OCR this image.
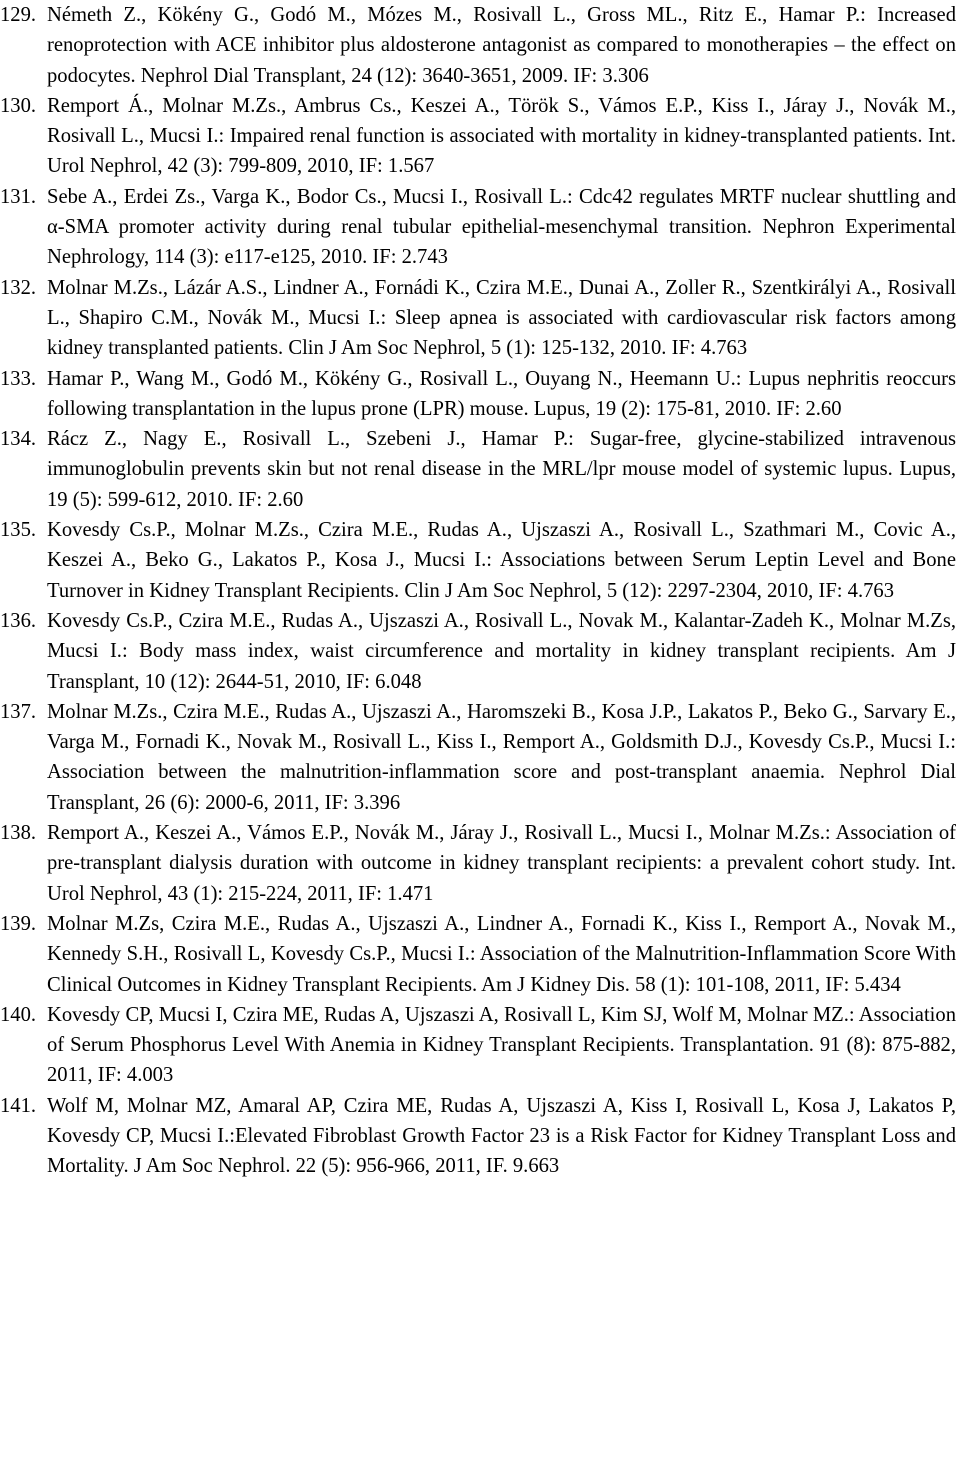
129. Németh Z., Kökény G., Godó M., Mózes M., Rosivall L., Gross ML., Ritz E., Hamar P.: Increased renoprotection with ACE inhibitor plus aldosterone antagonist as compared to monotherapies – the effect on podocytes. Nephrol Dial Transplant, 24 (12): 3640-3651, 2009. IF: 3.306
130. Remport Á., Molnar M.Zs., Ambrus Cs., Keszei A., Török S., Vámos E.P., Kiss I., Járay J., Novák M., Rosivall L., Mucsi I.: Impaired renal function is associated with mortality in kidney-transplanted patients. Int. Urol Nephrol, 42 (3): 799-809, 2010, IF: 1.567
131. Sebe A., Erdei Zs., Varga K., Bodor Cs., Mucsi I., Rosivall L.: Cdc42 regulates MRTF nuclear shuttling and α-SMA promoter activity during renal tubular epithelial-mesenchymal transition. Nephron Experimental Nephrology, 114 (3): e117-e125, 2010. IF: 2.743
132. Molnar M.Zs., Lázár A.S., Lindner A., Fornádi K., Czira M.E., Dunai A., Zoller R., Szentkirályi A., Rosivall L., Shapiro C.M., Novák M., Mucsi I.: Sleep apnea is associated with cardiovascular risk factors among kidney transplanted patients. Clin J Am Soc Nephrol, 5 (1): 125-132, 2010. IF: 4.763
133. Hamar P., Wang M., Godó M., Kökény G., Rosivall L., Ouyang N., Heemann U.: Lupus nephritis reoccurs following transplantation in the lupus prone (LPR) mouse. Lupus, 19 (2): 175-81, 2010. IF: 2.60
134. Rácz Z., Nagy E., Rosivall L., Szebeni J., Hamar P.: Sugar-free, glycine-stabilized intravenous immunoglobulin prevents skin but not renal disease in the MRL/lpr mouse model of systemic lupus. Lupus, 19 (5): 599-612, 2010. IF: 2.60
135. Kovesdy Cs.P., Molnar M.Zs., Czira M.E., Rudas A., Ujszaszi A., Rosivall L., Szathmari M., Covic A., Keszei A., Beko G., Lakatos P., Kosa J., Mucsi I.: Associations between Serum Leptin Level and Bone Turnover in Kidney Transplant Recipients. Clin J Am Soc Nephrol, 5 (12): 2297-2304, 2010, IF: 4.763
136. Kovesdy Cs.P., Czira M.E., Rudas A., Ujszaszi A., Rosivall L., Novak M., Kalantar-Zadeh K., Molnar M.Zs, Mucsi I.: Body mass index, waist circumference and mortality in kidney transplant recipients. Am J Transplant, 10 (12): 2644-51, 2010, IF: 6.048
137. Molnar M.Zs., Czira M.E., Rudas A., Ujszaszi A., Haromszeki B., Kosa J.P., Lakatos P., Beko G., Sarvary E., Varga M., Fornadi K., Novak M., Rosivall L., Kiss I., Remport A., Goldsmith D.J., Kovesdy Cs.P., Mucsi I.: Association between the malnutrition-inflammation score and post-transplant anaemia. Nephrol Dial Transplant, 26 (6): 2000-6, 2011, IF: 3.396
138. Remport A., Keszei A., Vámos E.P., Novák M., Járay J., Rosivall L., Mucsi I., Molnar M.Zs.: Association of pre-transplant dialysis duration with outcome in kidney transplant recipients: a prevalent cohort study. Int. Urol Nephrol, 43 (1): 215-224, 2011, IF: 1.471
139. Molnar M.Zs, Czira M.E., Rudas A., Ujszaszi A., Lindner A., Fornadi K., Kiss I., Remport A., Novak M., Kennedy S.H., Rosivall L, Kovesdy Cs.P., Mucsi I.: Association of the Malnutrition-Inflammation Score With Clinical Outcomes in Kidney Transplant Recipients. Am J Kidney Dis. 58 (1): 101-108, 2011, IF: 5.434
140. Kovesdy CP, Mucsi I, Czira ME, Rudas A, Ujszaszi A, Rosivall L, Kim SJ, Wolf M, Molnar MZ.: Association of Serum Phosphorus Level With Anemia in Kidney Transplant Recipients. Transplantation. 91 (8): 875-882, 2011, IF: 4.003
141. Wolf M, Molnar MZ, Amaral AP, Czira ME, Rudas A, Ujszaszi A, Kiss I, Rosivall L, Kosa J, Lakatos P, Kovesdy CP, Mucsi I.:Elevated Fibroblast Growth Factor 23 is a Risk Factor for Kidney Transplant Loss and Mortality. J Am Soc Nephrol. 22 (5): 956-966, 2011, IF. 9.663
